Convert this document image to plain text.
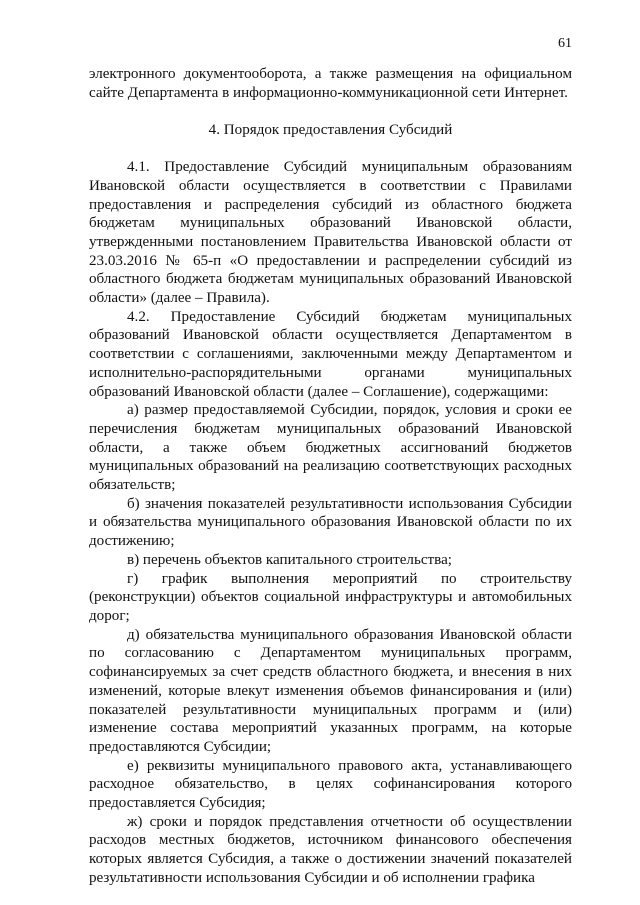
61

электронного документооборота, а также размещения на официальном сайте Департамента в информационно-коммуникационной сети Интернет.

4. Порядок предоставления Субсидий

4.1. Предоставление Субсидий муниципальным образованиям Ивановской области осуществляется в соответствии с Правилами предоставления и распределения субсидий из областного бюджета бюджетам муниципальных образований Ивановской области, утвержденными постановлением Правительства Ивановской области от 23.03.2016 № 65-п «О предоставлении и распределении субсидий из областного бюджета бюджетам муниципальных образований Ивановской области» (далее – Правила).

4.2. Предоставление Субсидий бюджетам муниципальных образований Ивановской области осуществляется Департаментом в соответствии с соглашениями, заключенными между Департаментом и исполнительно-распорядительными органами муниципальных образований Ивановской области (далее – Соглашение), содержащими:

а) размер предоставляемой Субсидии, порядок, условия и сроки ее перечисления бюджетам муниципальных образований Ивановской области, а также объем бюджетных ассигнований бюджетов муниципальных образований на реализацию соответствующих расходных обязательств;

б) значения показателей результативности использования Субсидии и обязательства муниципального образования Ивановской области по их достижению;

в) перечень объектов капитального строительства;

г) график выполнения мероприятий по строительству (реконструкции) объектов социальной инфраструктуры и автомобильных дорог;

д) обязательства муниципального образования Ивановской области по согласованию с Департаментом муниципальных программ, софинансируемых за счет средств областного бюджета, и внесения в них изменений, которые влекут изменения объемов финансирования и (или) показателей результативности муниципальных программ и (или) изменение состава мероприятий указанных программ, на которые предоставляются Субсидии;

е) реквизиты муниципального правового акта, устанавливающего расходное обязательство, в целях софинансирования которого предоставляется Субсидия;

ж) сроки и порядок представления отчетности об осуществлении расходов местных бюджетов, источником финансового обеспечения которых является Субсидия, а также о достижении значений показателей результативности использования Субсидии и об исполнении графика
